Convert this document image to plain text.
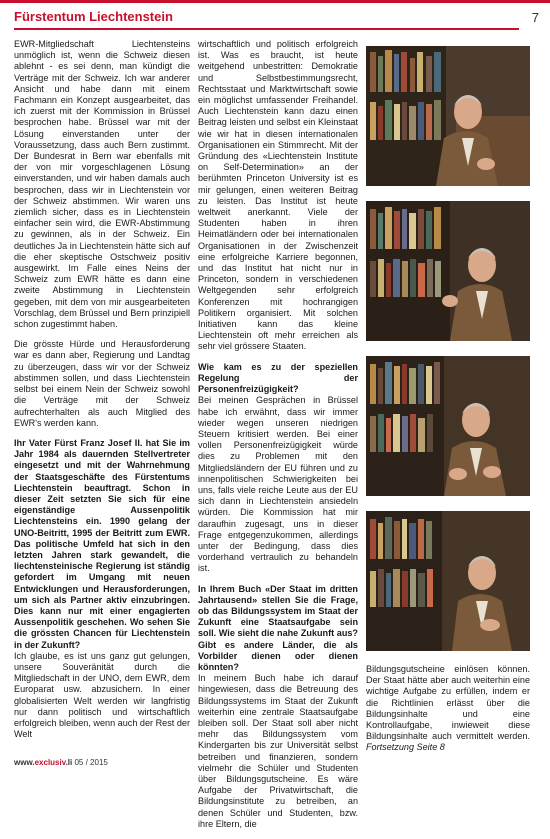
Fürstentum Liechtenstein	7

EWR-Mitgliedschaft Liechtensteins unmöglich ist, wenn die Schweiz diesen ablehnt - es sei denn, man kündigt die Verträge mit der Schweiz. Ich war anderer Ansicht und habe dann mit einem Fachmann ein Konzept ausgearbeitet, das ich zuerst mit der Kommission in Brüssel besprochen habe. Brüssel war mit der Lösung einverstanden unter der Voraussetzung, dass auch Bern zustimmt. Der Bundesrat in Bern war ebenfalls mit der von mir vorgeschlagenen Lösung einverstanden, und wir haben damals auch besprochen, dass wir in Liechtenstein vor der Schweiz abstimmen. Wir waren uns ziemlich sicher, dass es in Liechtenstein einfacher sein wird, die EWR-Abstimmung zu gewinnen, als in der Schweiz. Ein deutliches Ja in Liechtenstein hätte sich auf die eher skeptische Ostschweiz positiv ausgewirkt. Im Falle eines Neins der Schweiz zum EWR hätte es dann eine zweite Abstimmung in Liechtenstein gegeben, mit dem von mir ausgearbeiteten Vorschlag, dem Brüssel und Bern prinzipiell schon zugestimmt haben.

Die grösste Hürde und Herausforderung war es dann aber, Regierung und Landtag zu überzeugen, dass wir vor der Schweiz abstimmen sollen, und dass Liechtenstein selbst bei einem Nein der Schweiz sowohl die Verträge mit der Schweiz aufrechterhalten als auch Mitglied des EWR's werden kann.

Ihr Vater Fürst Franz Josef II. hat Sie im Jahr 1984 als dauernden Stellvertreter eingesetzt und mit der Wahrnehmung der Staatsgeschäfte des Fürstentums Liechtenstein beauftragt. Schon in dieser Zeit setzten Sie sich für eine eigenständige Aussenpolitik Liechtensteins ein. 1990 gelang der UNO-Beitritt, 1995 der Beitritt zum EWR. Das politische Umfeld hat sich in den letzten Jahren stark gewandelt, die liechtensteinische Regierung ist ständig gefordert im Umgang mit neuen Entwicklungen und Herausforderungen, um sich als Partner aktiv einzubringen. Dies kann nur mit einer engagierten Aussenpolitik geschehen. Wo sehen Sie die grössten Chancen für Liechtenstein in der Zukunft?

Ich glaube, es ist uns ganz gut gelungen, unsere Souveränität durch die Mitgliedschaft in der UNO, dem EWR, dem Europarat usw. abzusichern. In einer globalisierten Welt werden wir langfristig nur dann politisch und wirtschaftlich erfolgreich bleiben, wenn auch der Rest der Welt

wirtschaftlich und politisch erfolgreich ist. Was es braucht, ist heute weitgehend unbestritten: Demokratie und Selbstbestimmungsrecht, Rechtsstaat und Marktwirtschaft sowie ein möglichst umfassender Freihandel. Auch Liechtenstein kann dazu einen Beitrag leisten und selbst ein Kleinstaat wie wir hat in diesen internationalen Organisationen ein Stimmrecht. Mit der Gründung des «Liechtenstein Institute on Self-Determination» an der berühmten Princeton University ist es mir gelungen, einen weiteren Beitrag zu leisten. Das Institut ist heute weltweit anerkannt. Viele der Studenten haben in ihren Heimatländern oder bei internationalen Organisationen in der Zwischenzeit eine erfolgreiche Karriere begonnen, und das Institut hat nicht nur in Princeton, sondern in verschiedenen Weltgegenden sehr erfolgreich Konferenzen mit hochrangigen Politikern organisiert. Mit solchen Initiativen kann das kleine Liechtenstein oft mehr erreichen als sehr viel grössere Staaten.

Wie kam es zu der speziellen Regelung der Personenfreizügigkeit?

Bei meinen Gesprächen in Brüssel habe ich erwähnt, dass wir immer wieder wegen unseren niedrigen Steuern kritisiert werden. Bei einer vollen Personenfreizügigkeit würde dies zu Problemen mit den Mitgliedsländern der EU führen und zu innenpolitischen Schwierigkeiten bei uns, falls viele reiche Leute aus der EU sich dann in Liechtenstein ansiedeln würden. Die Kommission hat mir daraufhin zugesagt, uns in dieser Frage entgegenzukommen, allerdings unter der Bedingung, dass dies vorderhand vertraulich zu behandeln ist.

In Ihrem Buch «Der Staat im dritten Jahrtausend» stellen Sie die Frage, ob das Bildungssystem im Staat der Zukunft eine Staatsaufgabe sein soll. Wie sieht die nahe Zukunft aus? Gibt es andere Länder, die als Vorbilder dienen oder dienen könnten?

In meinem Buch habe ich darauf hingewiesen, dass die Betreuung des Bildungssystems im Staat der Zukunft weiterhin eine zentrale Staatsaufgabe bleiben soll. Der Staat soll aber nicht mehr das Bildungssystem vom Kindergarten bis zur Universität selbst betreiben und finanzieren, sondern vielmehr die Schüler und Studenten über Bildungsgutscheine. Es wäre Aufgabe der Privatwirtschaft, die Bildungsinstitute zu betreiben, an denen Schüler und Studenten, bzw. ihre Eltern, die

Bildungsgutscheine einlösen können. Der Staat hätte aber auch weiterhin eine wichtige Aufgabe zu erfüllen, indem er die Richtlinien erlässt über die Bildungsinhalte und eine Kontrollaufgabe, inwieweit diese Bildungsinhalte auch vermittelt werden. Fortsetzung Seite 8
www.exclusiv.li 05 / 2015
